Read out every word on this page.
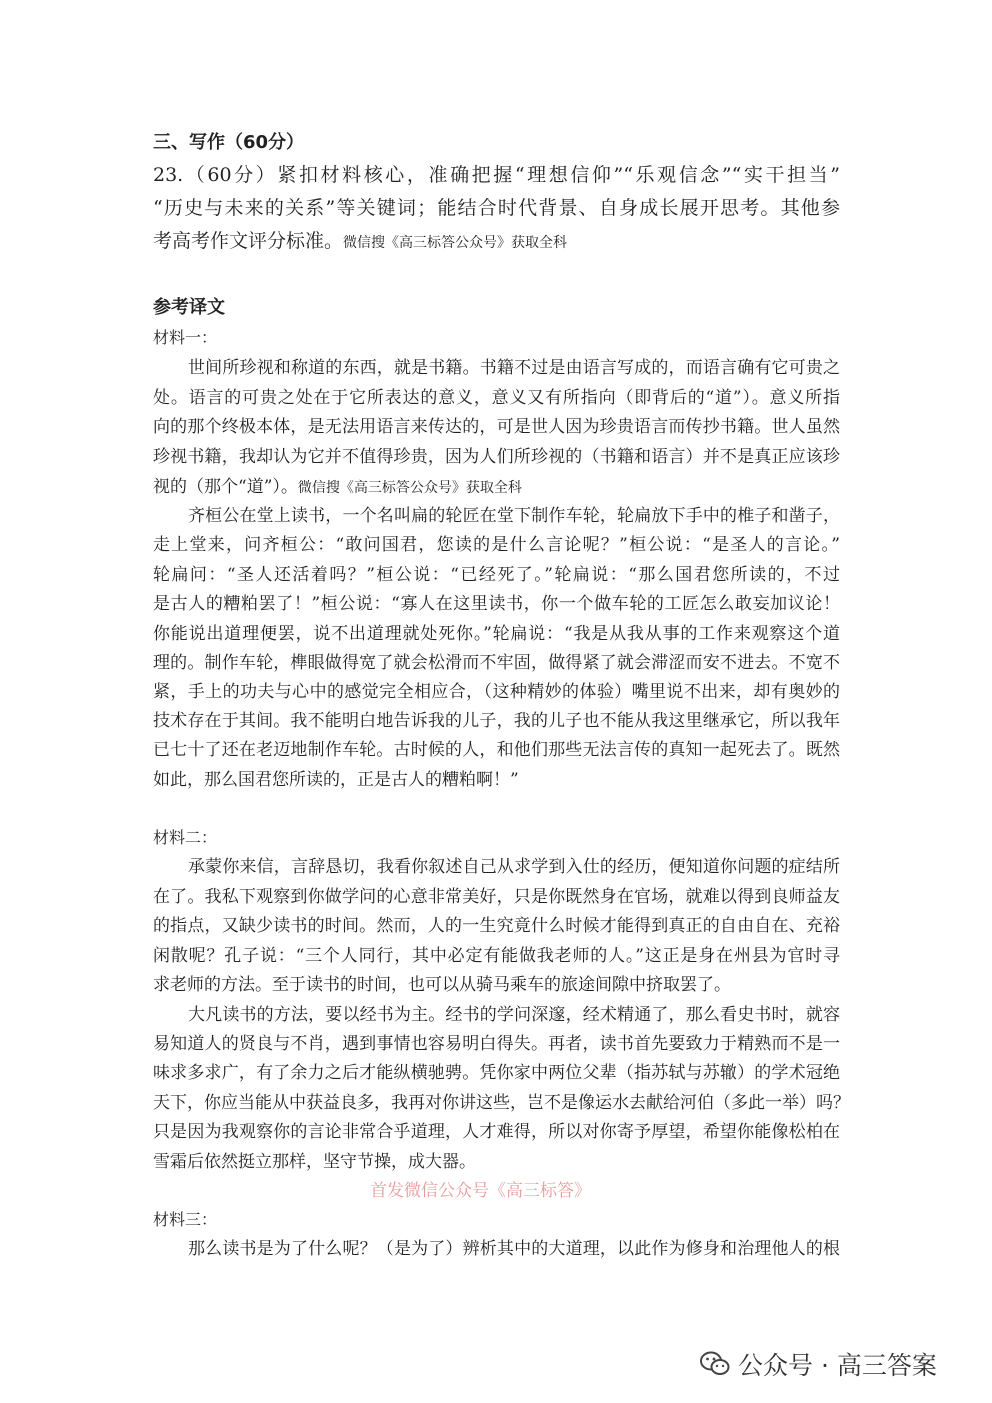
三、写作（60分）
23.（60分）紧扣材料核心，准确把握“理想信仰”“乐观信念”“实干担当”
“历史与未来的关系”等关键词；能结合时代背景、自身成长展开思考。其他参
考高考作文评分标准。微信搜《高三标答公众号》获取全科
参考译文
材料一：
世间所珍视和称道的东西，就是书籍。书籍不过是由语言写成的，而语言确有它可贵之
处。语言的可贵之处在于它所表达的意义，意义又有所指向（即背后的“道”）。意义所指
向的那个终极本体，是无法用语言来传达的，可是世人因为珍贵语言而传抄书籍。世人虽然
珍视书籍，我却认为它并不值得珍贵，因为人们所珍视的（书籍和语言）并不是真正应该珍
视的（那个“道”）。微信搜《高三标答公众号》获取全科
齐桓公在堂上读书，一个名叫扁的轮匠在堂下制作车轮，轮扁放下手中的椎子和凿子，
走上堂来，问齐桓公：“敢问国君，您读的是什么言论呢？”桓公说：“是圣人的言论。”
轮扁问：“圣人还活着吗？”桓公说：“已经死了。”轮扁说：“那么国君您所读的，不过
是古人的糟粕罢了！”桓公说：“寡人在这里读书，你一个做车轮的工匠怎么敢妄加议论！
你能说出道理便罢，说不出道理就处死你。”轮扁说：“我是从我从事的工作来观察这个道
理的。制作车轮，榫眼做得宽了就会松滑而不牢固，做得紧了就会滞涩而安不进去。不宽不
紧，手上的功夫与心中的感觉完全相应合，（这种精妙的体验）嘴里说不出来，却有奥妙的
技术存在于其间。我不能明白地告诉我的儿子，我的儿子也不能从我这里继承它，所以我年
已七十了还在老迈地制作车轮。古时候的人，和他们那些无法言传的真知一起死去了。既然
如此，那么国君您所读的，正是古人的糟粕啊！”
材料二：
承蒙你来信，言辞恳切，我看你叙述自己从求学到入仕的经历，便知道你问题的症结所
在了。我私下观察到你做学问的心意非常美好，只是你既然身在官场，就难以得到良师益友
的指点，又缺少读书的时间。然而，人的一生究竟什么时候才能得到真正的自由自在、充裕
闲散呢？孔子说：“三个人同行，其中必定有能做我老师的人。”这正是身在州县为官时寻
求老师的方法。至于读书的时间，也可以从骑马乘车的旅途间隙中挤取罢了。
大凡读书的方法，要以经书为主。经书的学问深邃，经术精通了，那么看史书时，就容
易知道人的贤良与不肖，遇到事情也容易明白得失。再者，读书首先要致力于精熟而不是一
味求多求广，有了余力之后才能纵横驰骋。凭你家中两位父辈（指苏轼与苏辙）的学术冠绝
天下，你应当能从中获益良多，我再对你讲这些，岂不是像运水去献给河伯（多此一举）吗？
只是因为我观察你的言论非常合乎道理，人才难得，所以对你寄予厚望，希望你能像松柏在
雪霜后依然挺立那样，坚守节操，成大器。
材料三：
那么读书是为了什么呢？（是为了）辨析其中的大道理，以此作为修身和治理他人的根
首发微信公众号《高三标答》
公众号 · 高三答案
